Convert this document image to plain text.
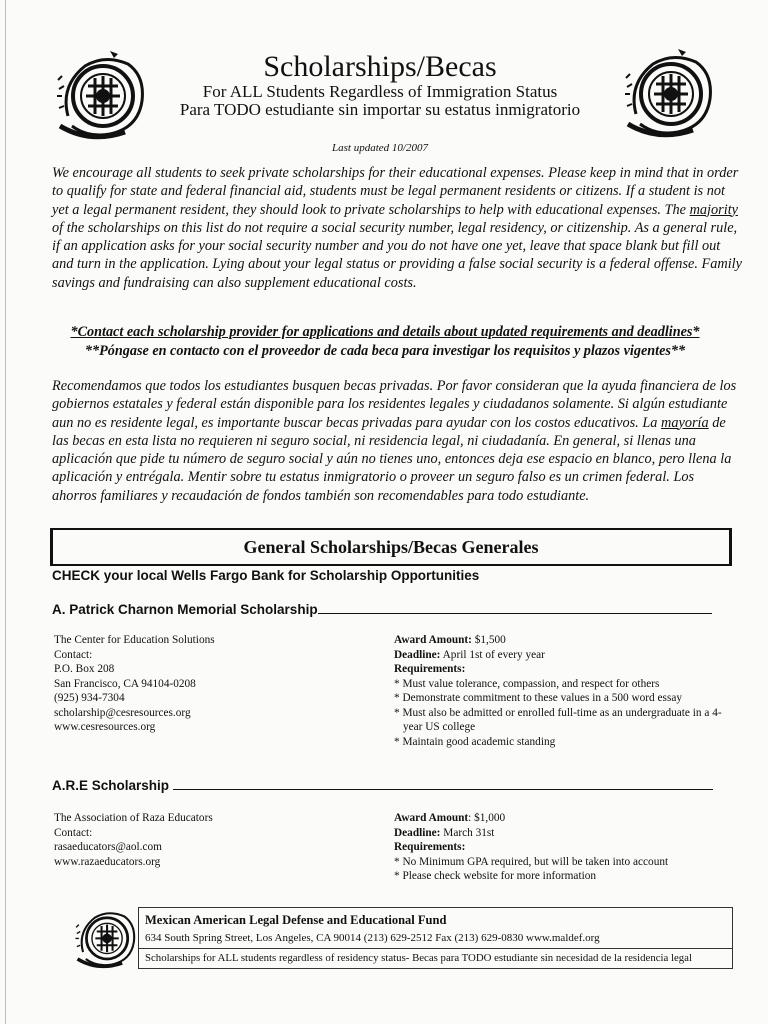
Scholarships/Becas
For ALL Students Regardless of Immigration Status
Para TODO estudiante sin importar su estatus inmigratorio
Last updated 10/2007
We encourage all students to seek private scholarships for their educational expenses. Please keep in mind that in order to qualify for state and federal financial aid, students must be legal permanent residents or citizens. If a student is not yet a legal permanent resident, they should look to private scholarships to help with educational expenses. The majority of the scholarships on this list do not require a social security number, legal residency, or citizenship. As a general rule, if an application asks for your social security number and you do not have one yet, leave that space blank but fill out and turn in the application. Lying about your legal status or providing a false social security is a federal offense. Family savings and fundraising can also supplement educational costs.
*Contact each scholarship provider for applications and details about updated requirements and deadlines*
**Póngase en contacto con el proveedor de cada beca para investigar los requisitos y plazos vigentes**
Recomendamos que todos los estudiantes busquen becas privadas. Por favor consideran que la ayuda financiera de los gobiernos estatales y federal están disponible para los residentes legales y ciudadanos solamente. Si algún estudiante aun no es residente legal, es importante buscar becas privadas para ayudar con los costos educativos. La mayoría de las becas en esta lista no requieren ni seguro social, ni residencia legal, ni ciudadanía. En general, si llenas una aplicación que pide tu número de seguro social y aún no tienes uno, entonces deja ese espacio en blanco, pero llena la aplicación y entrégala. Mentir sobre tu estatus inmigratorio o proveer un seguro falso es un crimen federal. Los ahorros familiares y recaudación de fondos también son recomendables para todo estudiante.
General Scholarships/Becas Generales
CHECK your local Wells Fargo Bank for Scholarship Opportunities
A. Patrick Charnon Memorial Scholarship
The Center for Education Solutions
Contact:
P.O. Box 208
San Francisco, CA 94104-0208
(925) 934-7304
scholarship@cesresources.org
www.cesresources.org
Award Amount: $1,500
Deadline: April 1st of every year
Requirements:
* Must value tolerance, compassion, and respect for others
* Demonstrate commitment to these values in a 500 word essay
* Must also be admitted or enrolled full-time as an undergraduate in a 4-year US college
* Maintain good academic standing
A.R.E Scholarship
The Association of Raza Educators
Contact:
rasaeducators@aol.com
www.razaeducators.org
Award Amount: $1,000
Deadline: March 31st
Requirements:
* No Minimum GPA required, but will be taken into account
* Please check website for more information
Mexican American Legal Defense and Educational Fund
634 South Spring Street, Los Angeles, CA 90014 (213) 629-2512 Fax (213) 629-0830 www.maldef.org
Scholarships for ALL students regardless of residency status- Becas para TODO estudiante sin necesidad de la residencia legal
